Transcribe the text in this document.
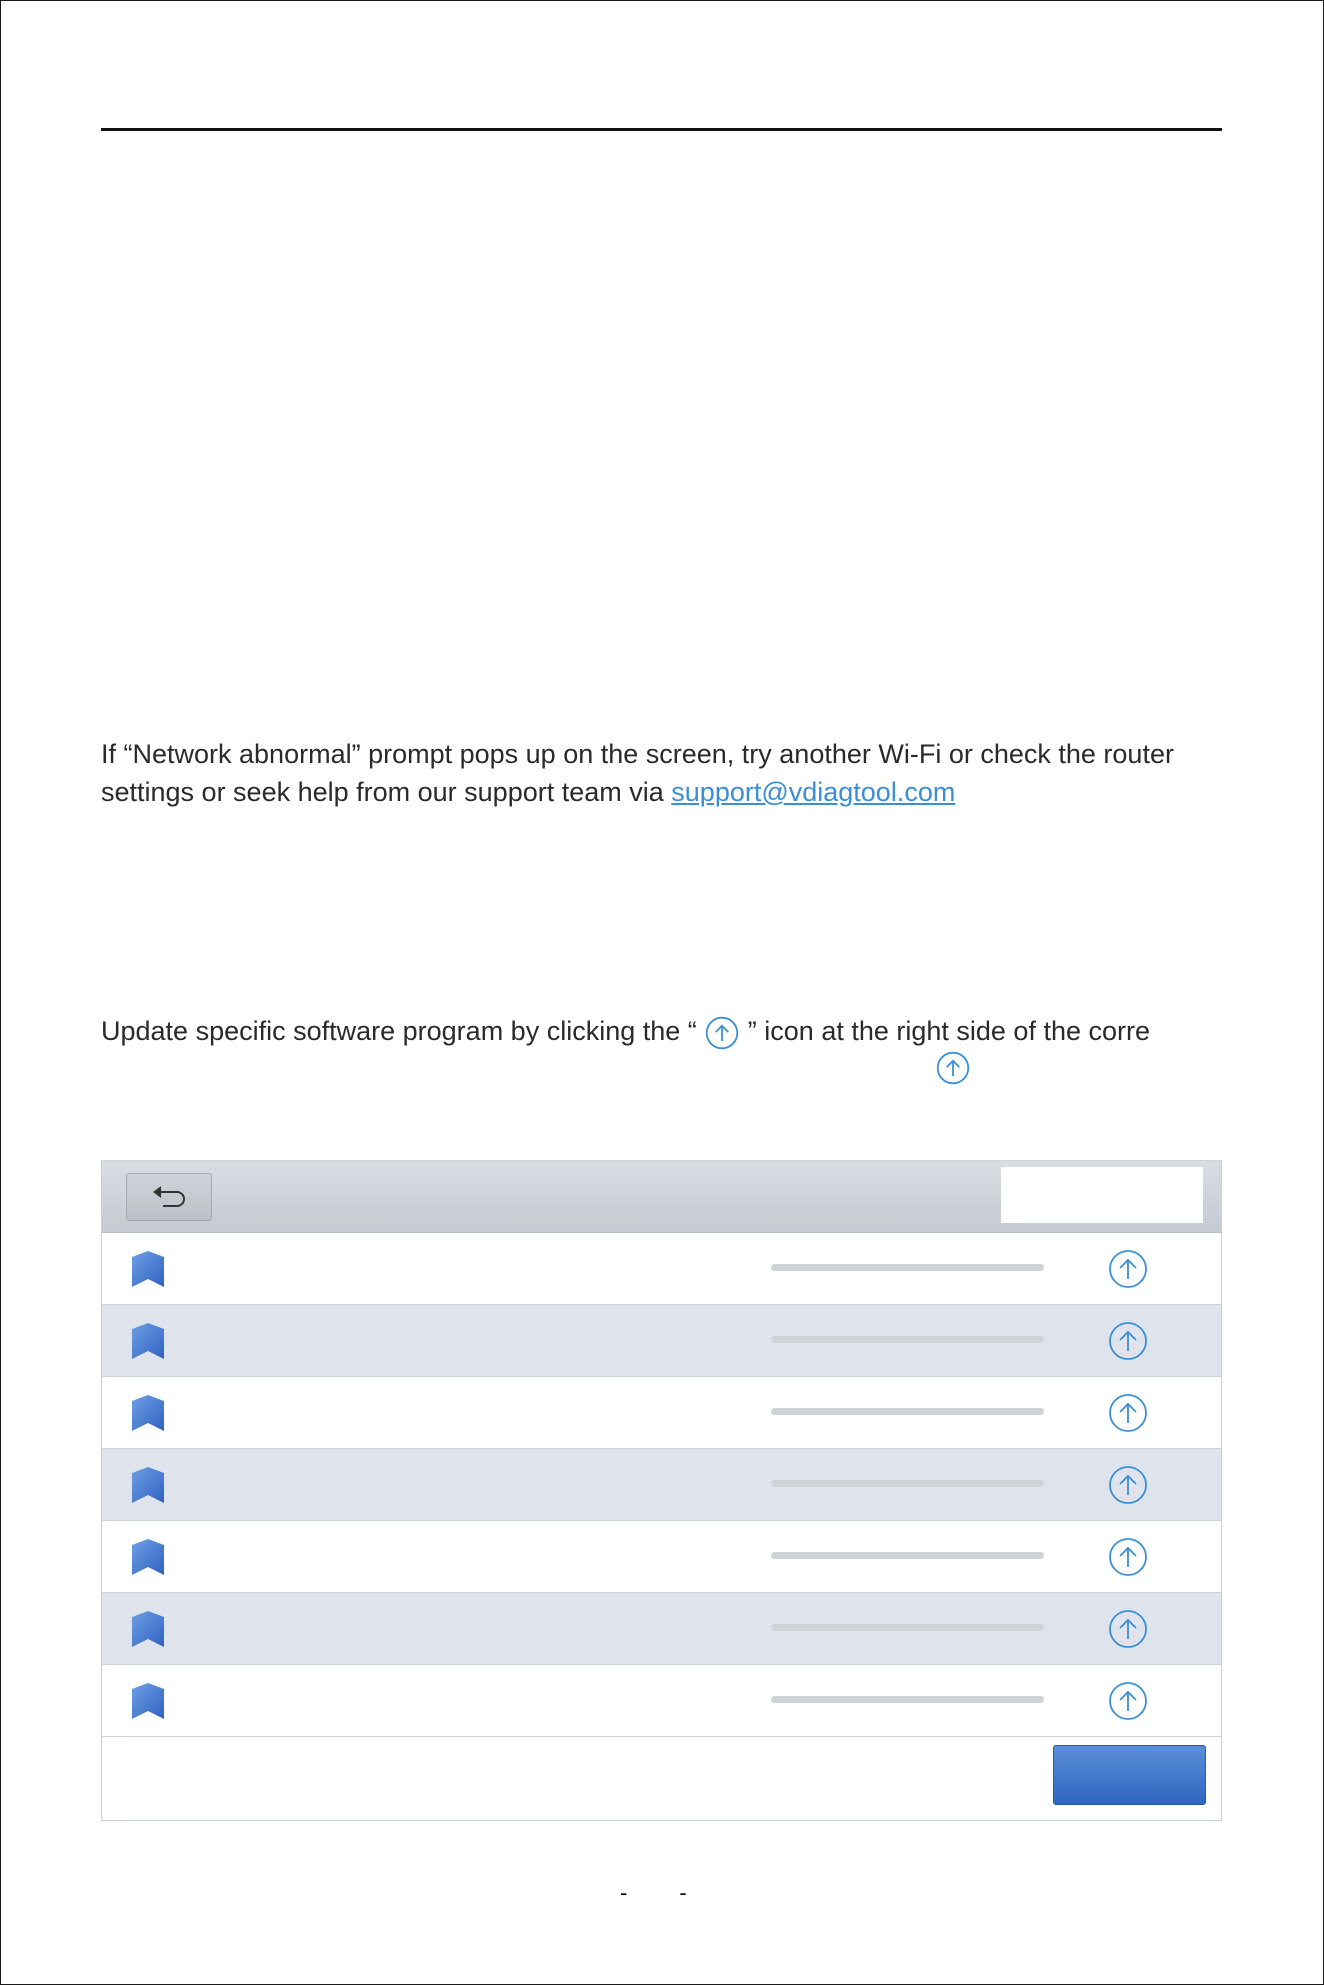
If “Network abnormal” prompt pops up on the screen, try another Wi-Fi or check the router
settings or seek help from our support team via support@vdiagtool.com
Update specific software program by clicking the “ ” icon at the right side of the corre
--
